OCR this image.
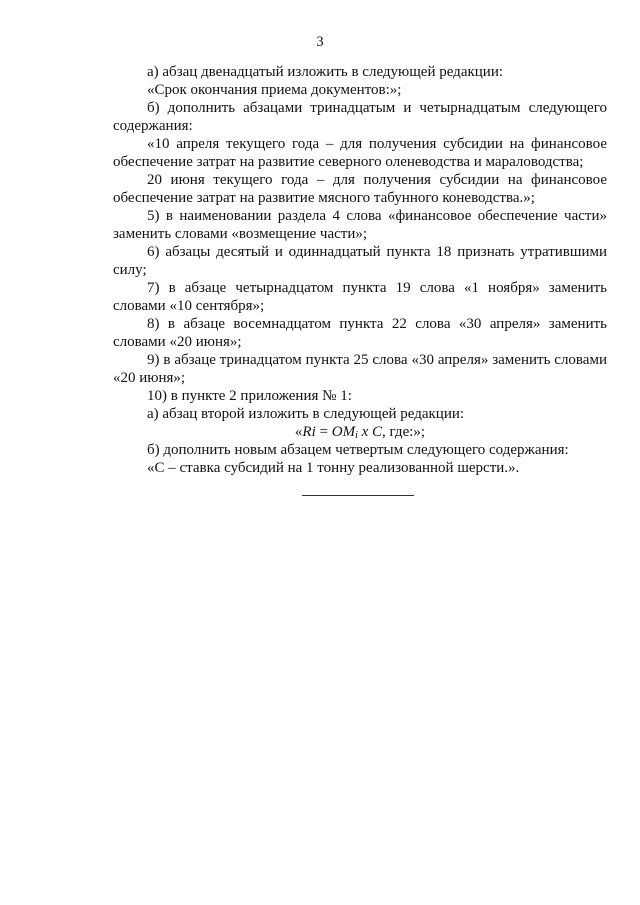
3

а) абзац двенадцатый изложить в следующей редакции:

«Срок окончания приема документов:»;

б) дополнить абзацами тринадцатым и четырнадцатым следующего содержания:

«10 апреля текущего года – для получения субсидии на финансовое обеспечение затрат на развитие северного оленеводства и мараловодства;

20 июня текущего года – для получения субсидии на финансовое обеспечение затрат на развитие мясного табунного коневодства.»;

5) в наименовании раздела 4 слова «финансовое обеспечение части» заменить словами «возмещение части»;

6) абзацы десятый и одиннадцатый пункта 18 признать утратившими силу;

7) в абзаце четырнадцатом пункта 19 слова «1 ноября» заменить словами «10 сентября»;

8) в абзаце восемнадцатом пункта 22 слова «30 апреля» заменить словами «20 июня»;

9) в абзаце тринадцатом пункта 25 слова «30 апреля» заменить словами «20 июня»;

10) в пункте 2 приложения № 1:

а) абзац второй изложить в следующей редакции:

«$Ri = OM_i$ x C, где:»;

б) дополнить новым абзацем четвертым следующего содержания:

«С – ставка субсидий на 1 тонну реализованной шерсти.».
